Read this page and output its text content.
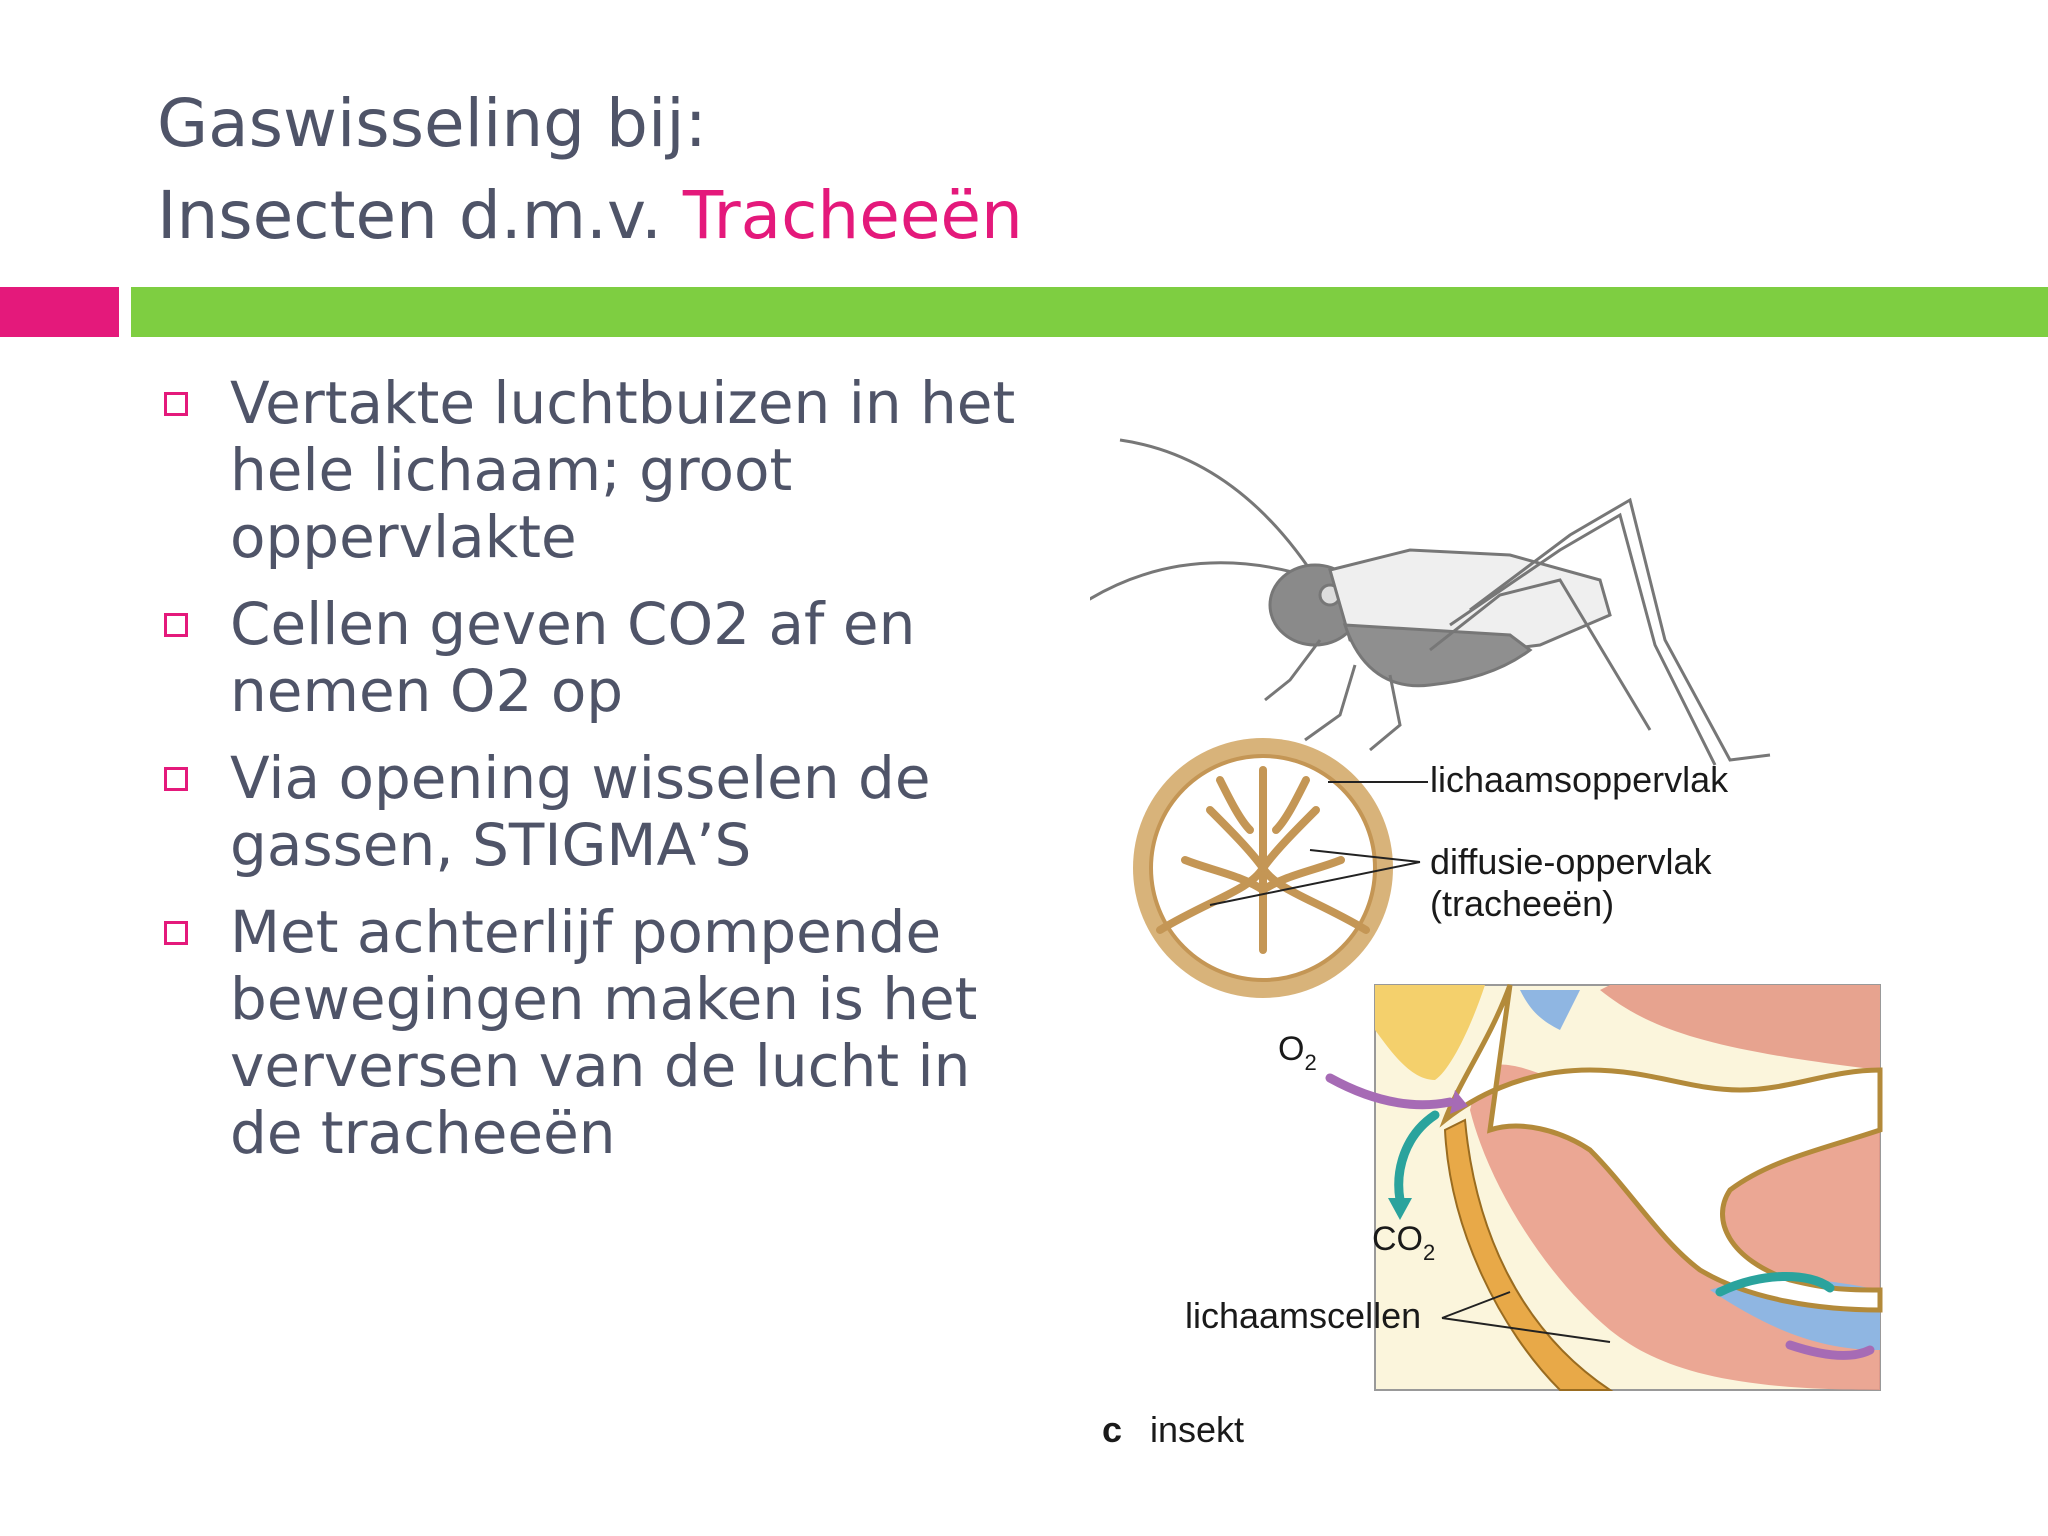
Gaswisseling bij:
Insecten d.m.v. Tracheeën
Vertakte luchtbuizen in het hele lichaam; groot oppervlakte
Cellen geven CO2 af en nemen O2 op
Via opening wisselen de gassen, STIGMA’S
Met achterlijf pompende bewegingen maken is het verversen van de lucht in de tracheeën
lichaamsoppervlak
diffusie-oppervlak
(tracheeën)
$O_2$
$CO_2$
lichaamscellen
c insekt
